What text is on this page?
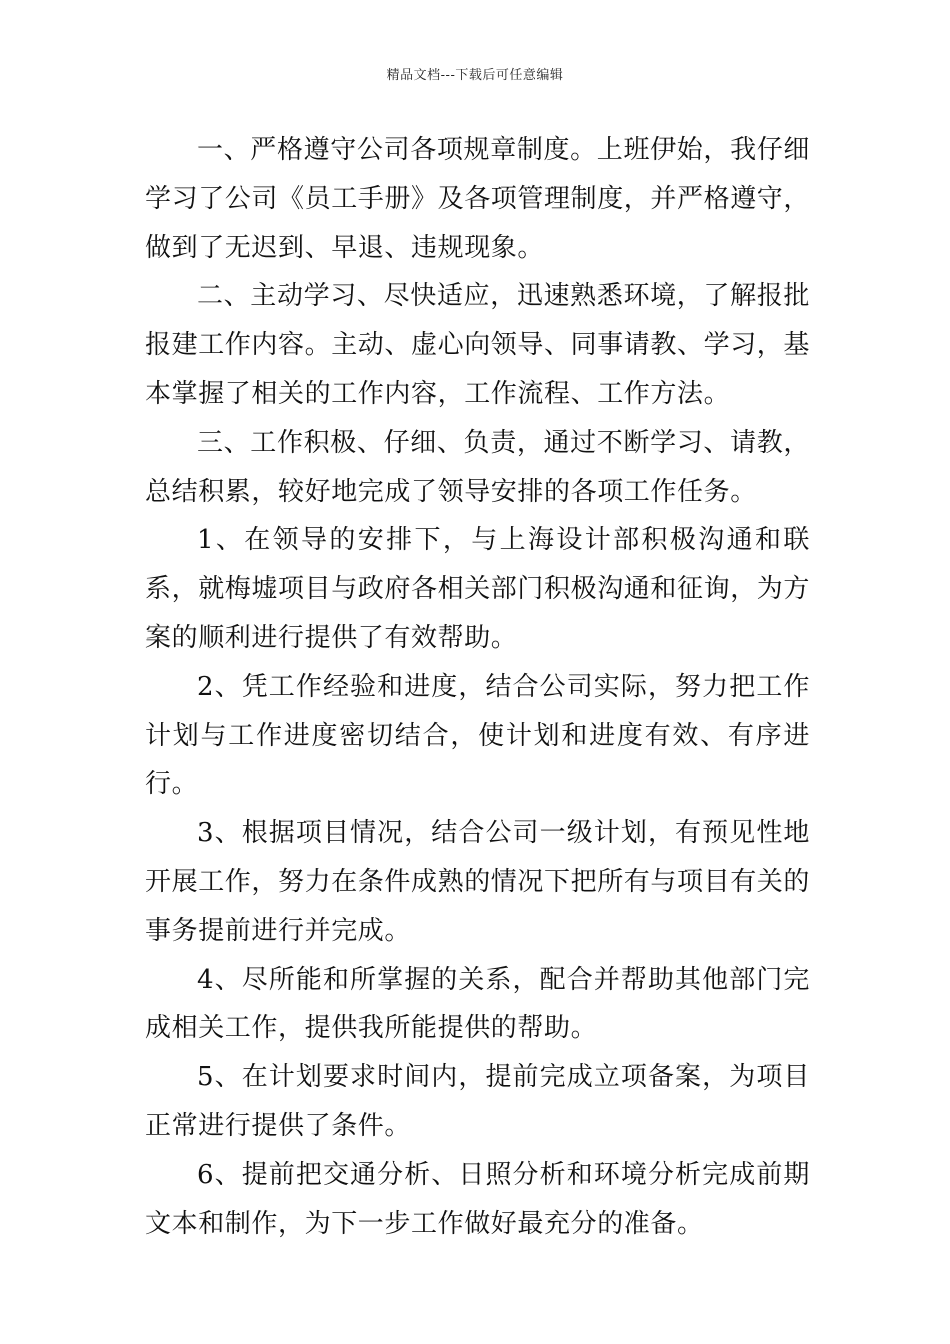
精品文档---下载后可任意编辑

一、严格遵守公司各项规章制度。上班伊始，我仔细学习了公司《员工手册》及各项管理制度，并严格遵守，做到了无迟到、早退、违规现象。

二、主动学习、尽快适应，迅速熟悉环境，了解报批报建工作内容。主动、虚心向领导、同事请教、学习，基本掌握了相关的工作内容，工作流程、工作方法。

三、工作积极、仔细、负责，通过不断学习、请教，总结积累，较好地完成了领导安排的各项工作任务。

1、在领导的安排下，与上海设计部积极沟通和联系，就梅墟项目与政府各相关部门积极沟通和征询，为方案的顺利进行提供了有效帮助。

2、凭工作经验和进度，结合公司实际，努力把工作计划与工作进度密切结合，使计划和进度有效、有序进行。

3、根据项目情况，结合公司一级计划，有预见性地开展工作，努力在条件成熟的情况下把所有与项目有关的事务提前进行并完成。

4、尽所能和所掌握的关系，配合并帮助其他部门完成相关工作，提供我所能提供的帮助。

5、在计划要求时间内，提前完成立项备案，为项目正常进行提供了条件。

6、提前把交通分析、日照分析和环境分析完成前期文本和制作，为下一步工作做好最充分的准备。
